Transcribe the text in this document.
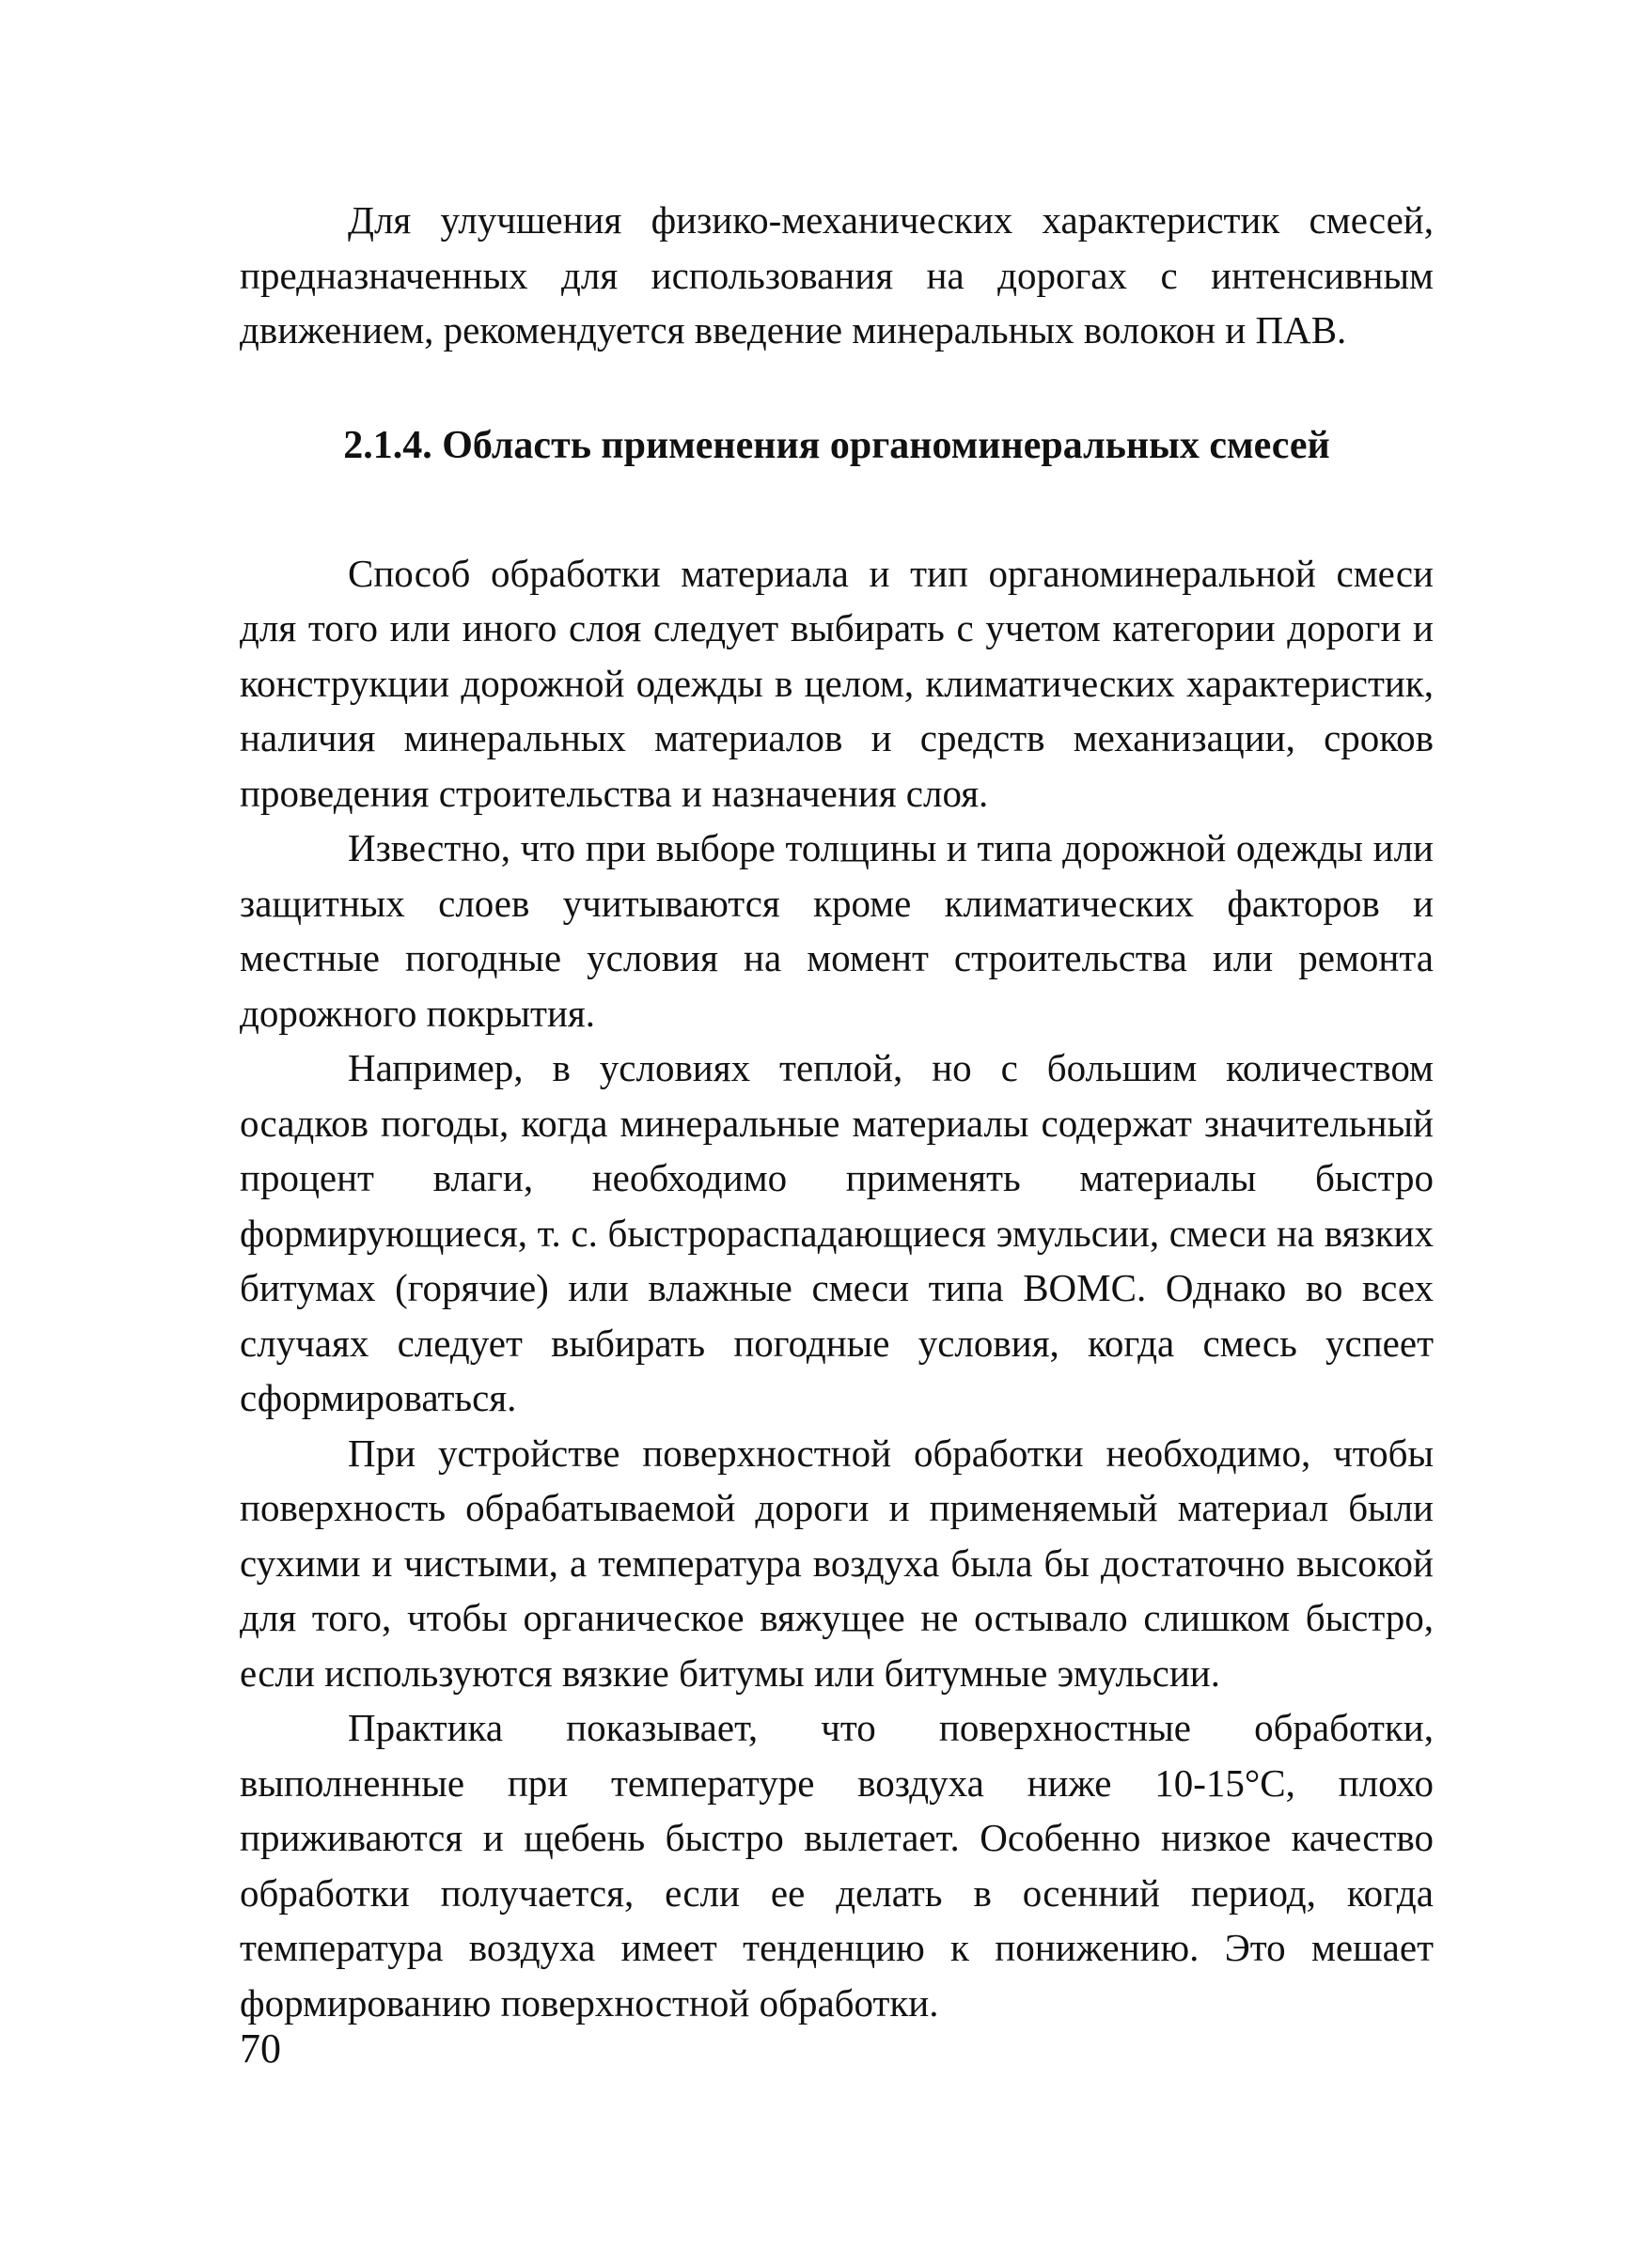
Для улучшения физико-механических характеристик смесей, предназначенных для использования на дорогах с интенсивным движением, рекомендуется введение минеральных волокон и ПАВ.

2.1.4. Область применения органоминеральных смесей

Способ обработки материала и тип органоминеральной смеси для того или иного слоя следует выбирать с учетом категории дороги и конструкции дорожной одежды в целом, климатических характеристик, наличия минеральных материалов и средств механизации, сроков проведения строительства и назначения слоя.

Известно, что при выборе толщины и типа дорожной одежды или защитных слоев учитываются кроме климатических факторов и местные погодные условия на момент строительства или ремонта дорожного покрытия.

Например, в условиях теплой, но с большим количеством осадков погоды, когда минеральные материалы содержат значительный процент влаги, необходимо применять материалы быстро формирующиеся, т. с. быстрораспадающиеся эмульсии, смеси на вязких битумах (горячие) или влажные смеси типа ВОМС. Однако во всех случаях следует выбирать погодные условия, когда смесь успеет сформироваться.

При устройстве поверхностной обработки необходимо, чтобы поверхность обрабатываемой дороги и применяемый материал были сухими и чистыми, а температура воздуха была бы достаточно высокой для того, чтобы органическое вяжущее не остывало слишком быстро, если используются вязкие битумы или битумные эмульсии.

Практика показывает, что поверхностные обработки, выполненные при температуре воздуха ниже 10-15°С, плохо приживаются и щебень быстро вылетает. Особенно низкое качество обработки получается, если ее делать в осенний период, когда температура воздуха имеет тенденцию к понижению. Это мешает формированию поверхностной обработки.

70
